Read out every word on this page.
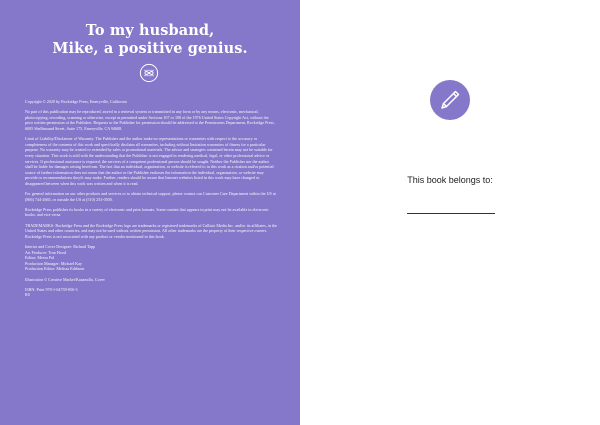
To my husband,
Mike, a positive genius.

Copyright © 2020 by Rockridge Press, Emeryville, California

No part of this publication may be reproduced, stored in a retrieval system or transmitted in any form or by any means, electronic, mechanical, photocopying, recording, scanning or otherwise, except as permitted under Sections 107 or 108 of the 1976 United States Copyright Act, without the prior written permission of the Publisher. Requests to the Publisher for permission should be addressed to the Permissions Department, Rockridge Press, 6005 Shellmound Street, Suite 175, Emeryville, CA 94608.

Limit of Liability/Disclaimer of Warranty: The Publisher and the author make no representations or warranties with respect to the accuracy or completeness of the contents of this work and specifically disclaim all warranties, including without limitation warranties of fitness for a particular purpose. No warranty may be created or extended by sales or promotional materials. The advice and strategies contained herein may not be suitable for every situation. This work is sold with the understanding that the Publisher is not engaged in rendering medical, legal, or other professional advice or services. If professional assistance is required, the services of a competent professional person should be sought. Neither the Publisher nor the author shall be liable for damages arising herefrom. The fact that an individual, organization, or website is referred to in this work as a citation and/or potential source of further information does not mean that the author or the Publisher endorses the information the individual, organization, or website may provide or recommendations they/it may make. Further, readers should be aware that Internet websites listed in this work may have changed or disappeared between when this work was written and when it is read.

For general information on our other products and services or to obtain technical support, please contact our Customer Care Department within the US at (866) 744-2665, or outside the US at (510) 253-0500.

Rockridge Press publishes its books in a variety of electronic and print formats. Some content that appears in print may not be available in electronic books, and vice versa.

TRADEMARKS: Rockridge Press and the Rockridge Press logo are trademarks or registered trademarks of Callisto Media Inc. and/or its affiliates, in the United States and other countries, and may not be used without written permission. All other trademarks are the property of their respective owners. Rockridge Press is not associated with any product or vendor mentioned in this book.

Interior and Cover Designer: Richard Tapp
Art Producer: Tom Hood
Editor: Meera Pal
Production Manager: Michael Kay
Production Editor: Melissa Edeburn

Illustration © Creative Market/Kazamilla, Cover

ISBN: Print 978-1-64739-056-3
R0

This book belongs to:
